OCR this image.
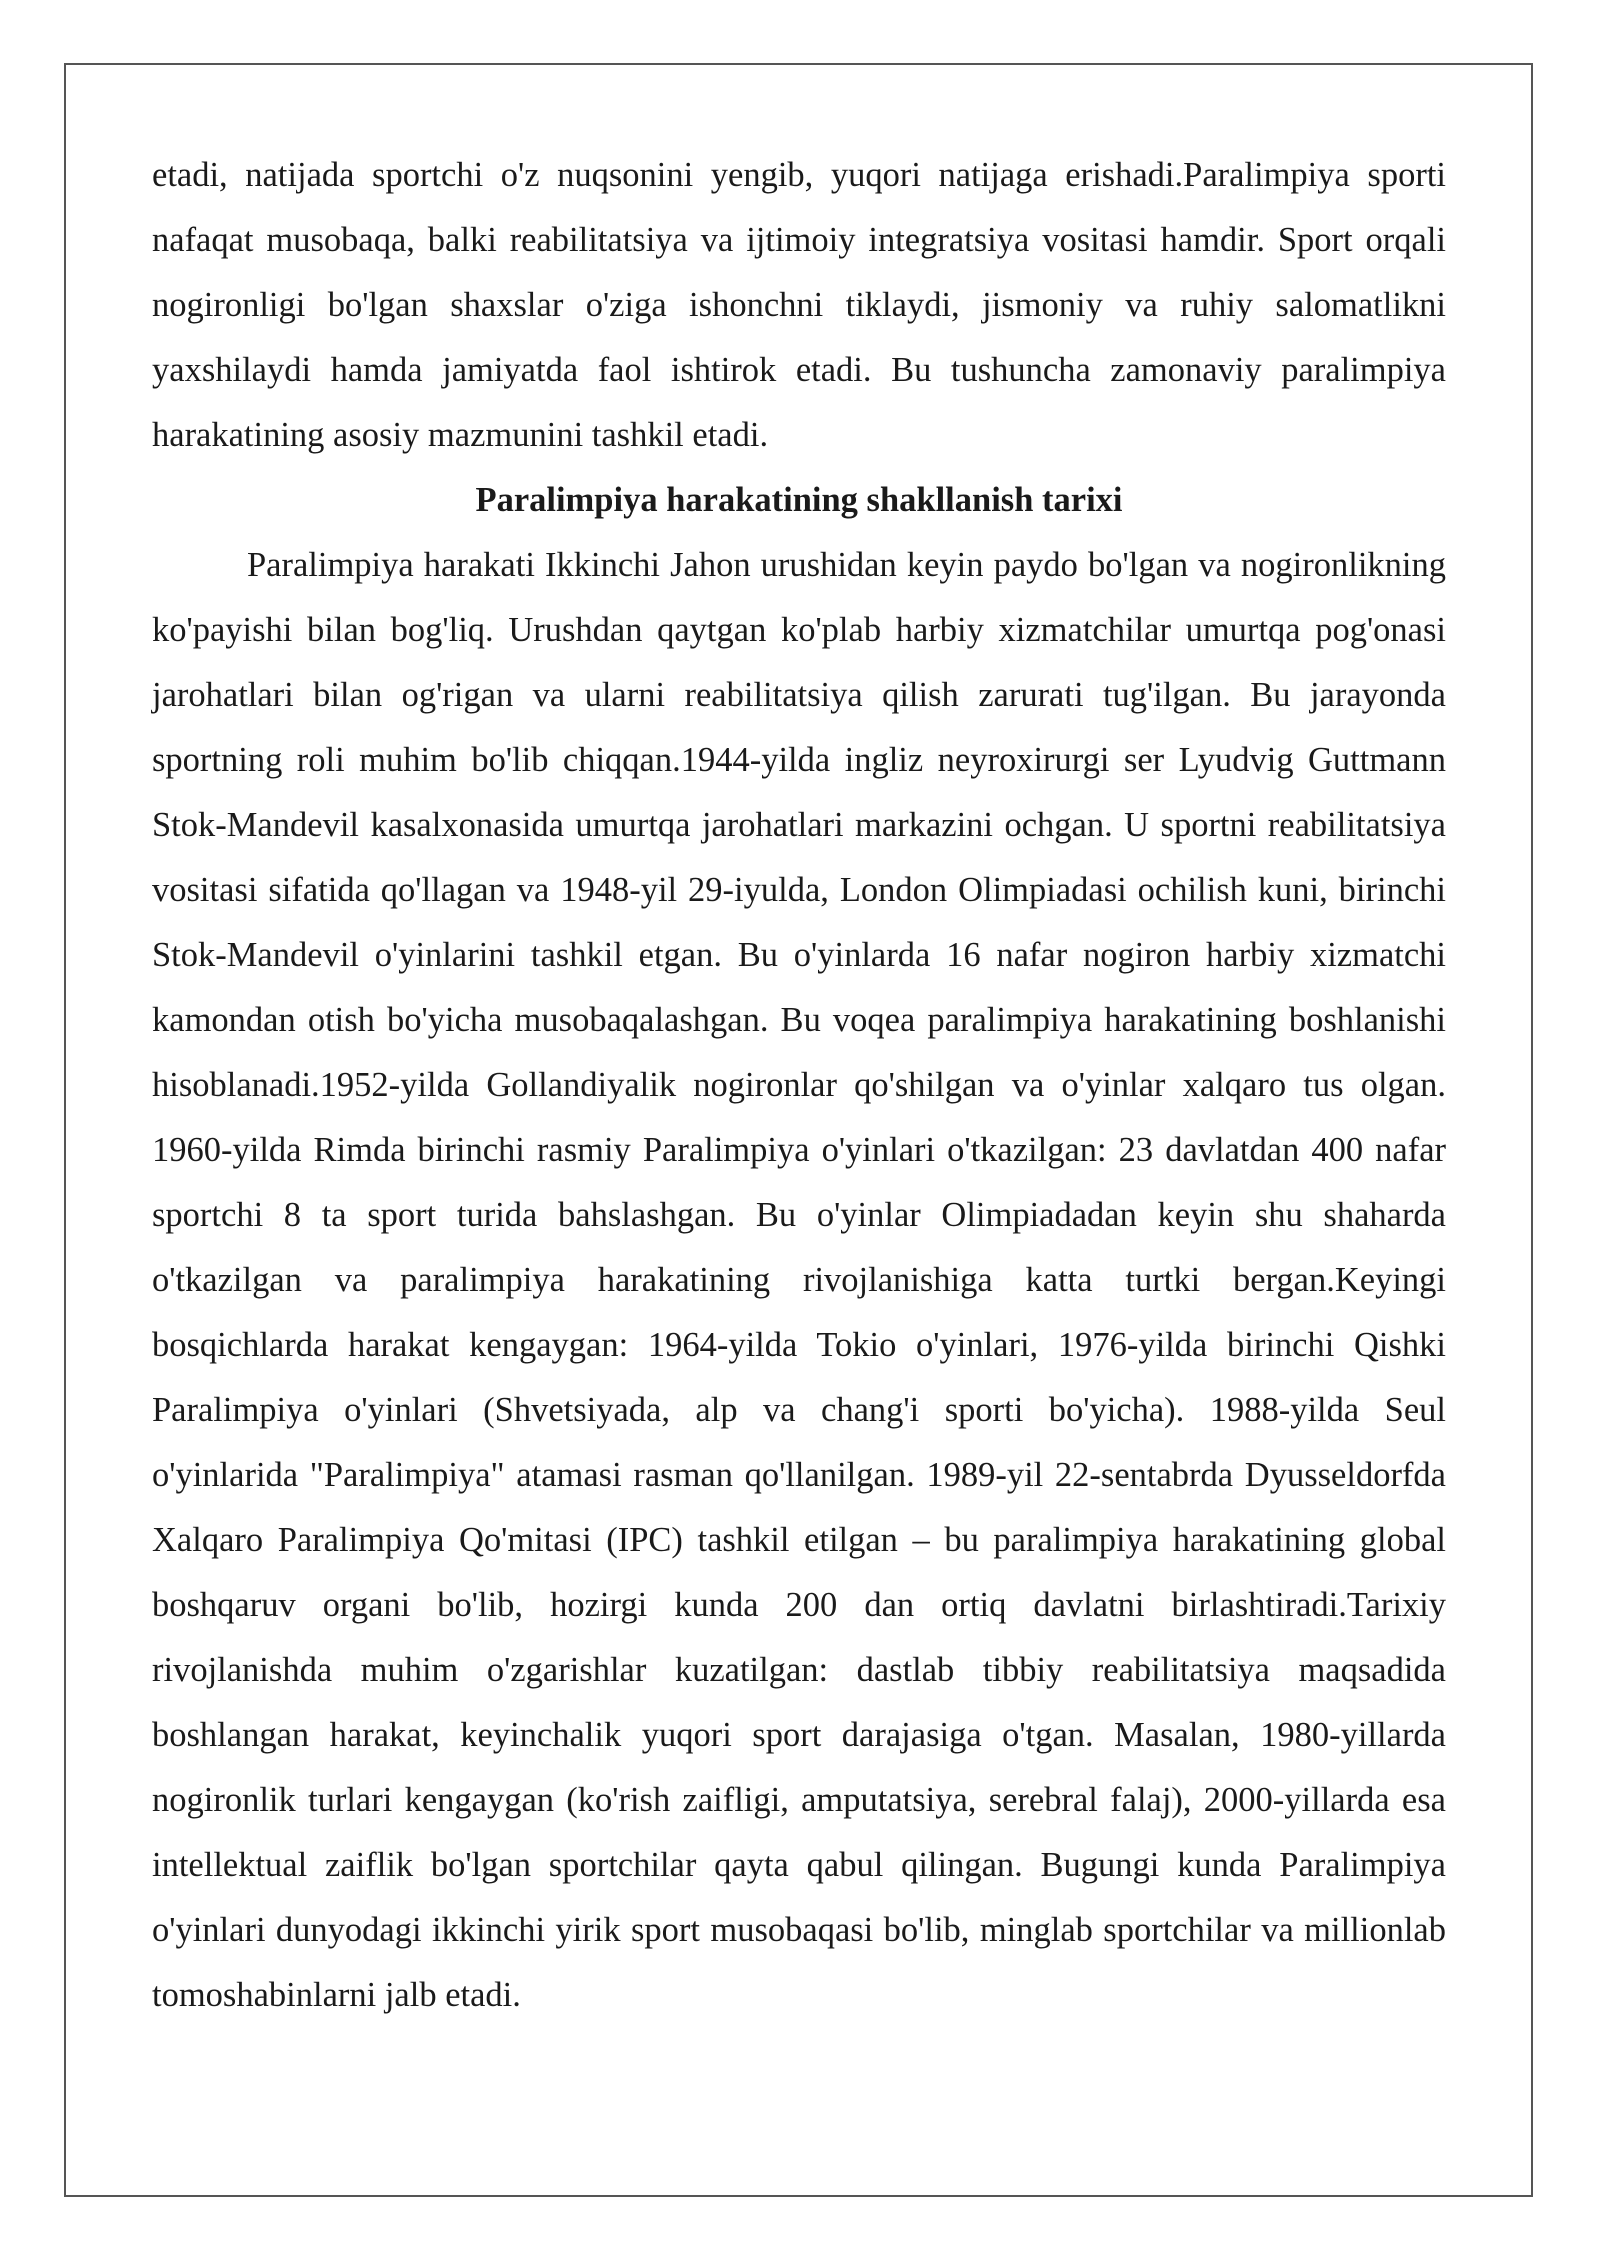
etadi, natijada sportchi o'z nuqsonini yengib, yuqori natijaga erishadi.Paralimpiya sporti nafaqat musobaqa, balki reabilitatsiya va ijtimoiy integratsiya vositasi hamdir. Sport orqali nogironligi bo'lgan shaxslar o'ziga ishonchni tiklaydi, jismoniy va ruhiy salomatlikni yaxshilaydi hamda jamiyatda faol ishtirok etadi. Bu tushuncha zamonaviy paralimpiya harakatining asosiy mazmunini tashkil etadi.

Paralimpiya harakatining shakllanish tarixi

Paralimpiya harakati Ikkinchi Jahon urushidan keyin paydo bo'lgan va nogironlikning ko'payishi bilan bog'liq. Urushdan qaytgan ko'plab harbiy xizmatchilar umurtqa pog'onasi jarohatlari bilan og'rigan va ularni reabilitatsiya qilish zarurati tug'ilgan. Bu jarayonda sportning roli muhim bo'lib chiqqan.1944-yilda ingliz neyroxirurgi ser Lyudvig Guttmann Stok-Mandevil kasalxonasida umurtqa jarohatlari markazini ochgan. U sportni reabilitatsiya vositasi sifatida qo'llagan va 1948-yil 29-iyulda, London Olimpiadasi ochilish kuni, birinchi Stok-Mandevil o'yinlarini tashkil etgan. Bu o'yinlarda 16 nafar nogiron harbiy xizmatchi kamondan otish bo'yicha musobaqalashgan. Bu voqea paralimpiya harakatining boshlanishi hisoblanadi.1952-yilda Gollandiyalik nogironlar qo'shilgan va o'yinlar xalqaro tus olgan. 1960-yilda Rimda birinchi rasmiy Paralimpiya o'yinlari o'tkazilgan: 23 davlatdan 400 nafar sportchi 8 ta sport turida bahslashgan. Bu o'yinlar Olimpiadadan keyin shu shaharda o'tkazilgan va paralimpiya harakatining rivojlanishiga katta turtki bergan.Keyingi bosqichlarda harakat kengaygan: 1964-yilda Tokio o'yinlari, 1976-yilda birinchi Qishki Paralimpiya o'yinlari (Shvetsiyada, alp va chang'i sporti bo'yicha). 1988-yilda Seul o'yinlarida "Paralimpiya" atamasi rasman qo'llanilgan. 1989-yil 22-sentabrda Dyusseldorfda Xalqaro Paralimpiya Qo'mitasi (IPC) tashkil etilgan – bu paralimpiya harakatining global boshqaruv organi bo'lib, hozirgi kunda 200 dan ortiq davlatni birlashtiradi.Tarixiy rivojlanishda muhim o'zgarishlar kuzatilgan: dastlab tibbiy reabilitatsiya maqsadida boshlangan harakat, keyinchalik yuqori sport darajasiga o'tgan. Masalan, 1980-yillarda nogironlik turlari kengaygan (ko'rish zaifligi, amputatsiya, serebral falaj), 2000-yillarda esa intellektual zaiflik bo'lgan sportchilar qayta qabul qilingan. Bugungi kunda Paralimpiya o'yinlari dunyodagi ikkinchi yirik sport musobaqasi bo'lib, minglab sportchilar va millionlab tomoshabinlarni jalb etadi.
